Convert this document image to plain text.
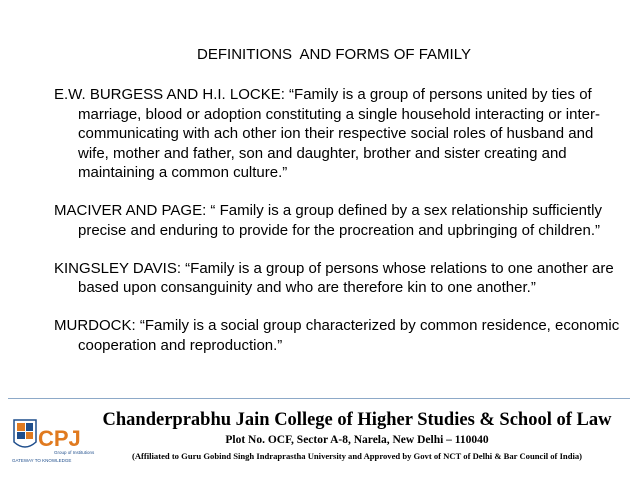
DEFINITIONS  AND FORMS OF FAMILY

E.W. BURGESS AND H.I. LOCKE: “Family is a group of persons united by ties of marriage, blood or adoption constituting a single household interacting or inter-communicating with ach other ion their respective social roles of husband and wife, mother and father, son and daughter, brother and sister creating and maintaining a common culture.”

MACIVER AND PAGE: “ Family is a group defined by a sex relationship sufficiently precise and enduring to provide for the procreation and upbringing of children.”

KINGSLEY DAVIS: “Family is a group of persons whose relations to one another are based upon consanguinity and who are therefore kin to one another.”

MURDOCK: “Family is a social group characterized by common residence, economic cooperation and reproduction.”

CPJ
Group of Institutions
GATEWAY TO KNOWLEDGE
Chanderprabhu Jain College of Higher Studies & School of Law
Plot No. OCF, Sector A-8, Narela, New Delhi – 110040
(Affiliated to Guru Gobind Singh Indraprastha University and Approved by Govt of NCT of Delhi & Bar Council of India)
